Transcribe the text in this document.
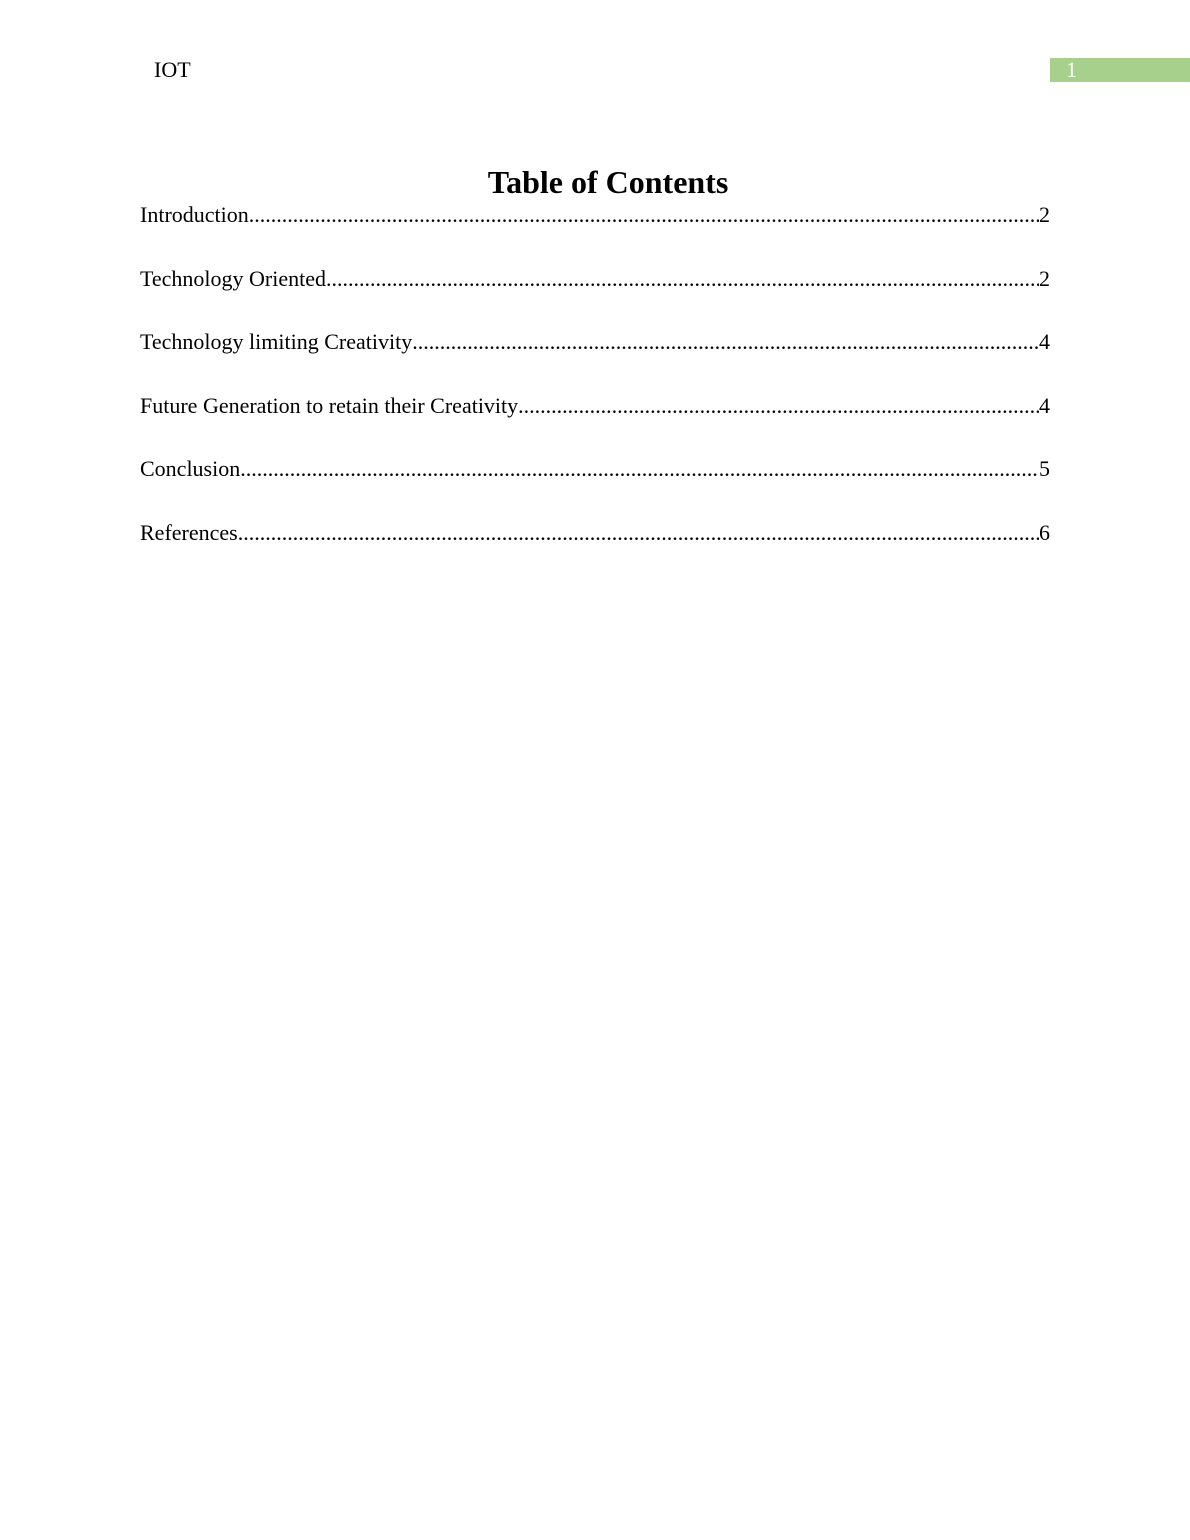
IOT	1
Table of Contents
Introduction .....	2
Technology Oriented .....	2
Technology limiting Creativity .....	4
Future Generation to retain their Creativity .....	4
Conclusion .....	5
References .....	6
